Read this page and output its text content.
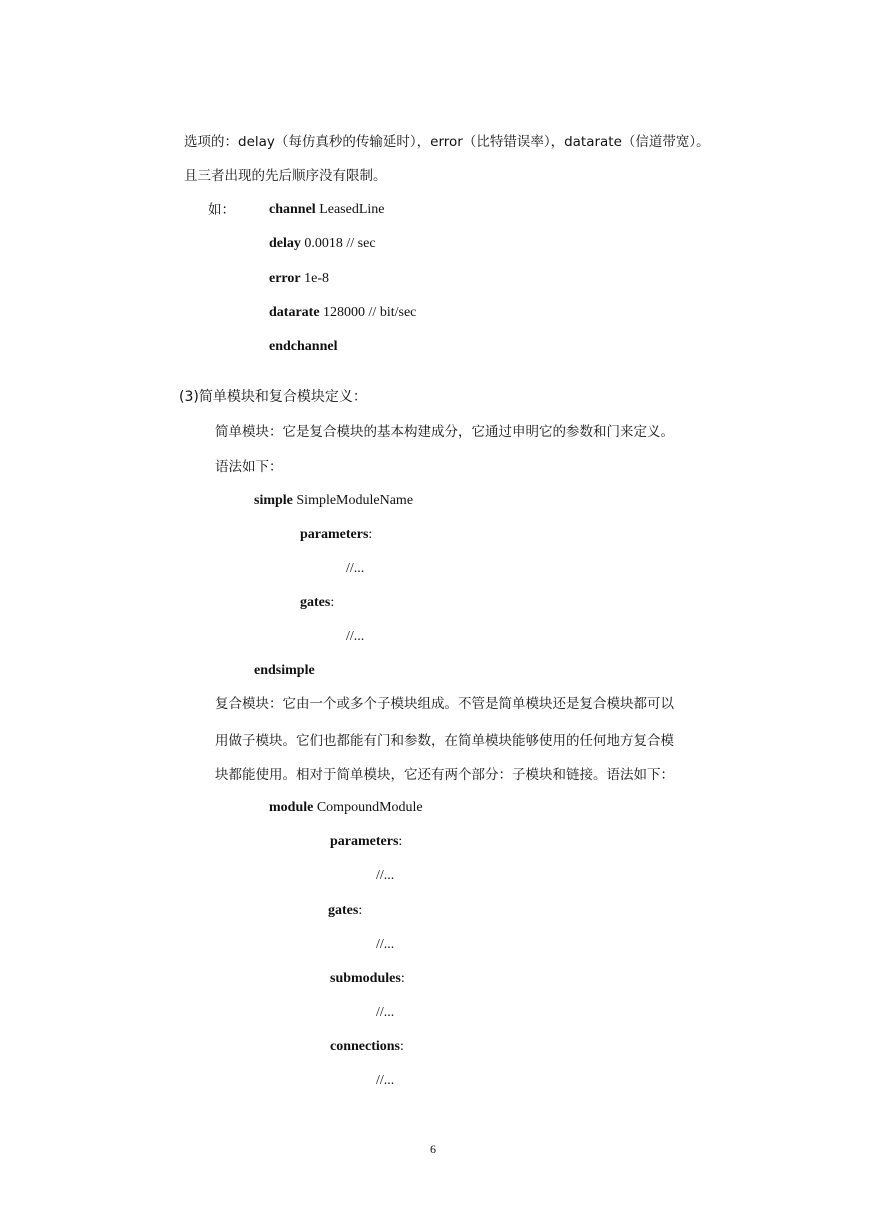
选项的：delay（每仿真秒的传输延时），error（比特错误率），datarate（信道带宽）。
且三者出现的先后顺序没有限制。
如： channel LeasedLine
delay 0.0018 // sec
error 1e-8
datarate 128000 // bit/sec
endchannel
(3)简单模块和复合模块定义：
简单模块：它是复合模块的基本构建成分，它通过申明它的参数和门来定义。
语法如下：
simple SimpleModuleName
parameters:
//...
gates:
//...
endsimple
复合模块：它由一个或多个子模块组成。不管是简单模块还是复合模块都可以
用做子模块。它们也都能有门和参数，在简单模块能够使用的任何地方复合模
块都能使用。相对于简单模块，它还有两个部分：子模块和链接。语法如下：
module CompoundModule
parameters:
//...
gates:
//...
submodules:
//...
connections:
//...
6
